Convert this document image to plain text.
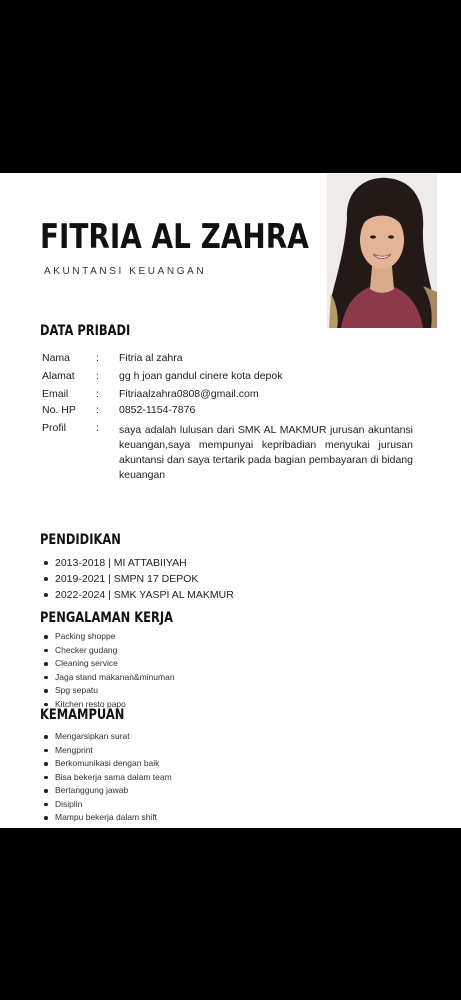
FITRIA AL ZAHRA
AKUNTANSI KEUANGAN
DATA PRIBADI
Nama	: Fitria al zahra
Alamat	: gg h joan gandul cinere kota depok
Email	: Fitriaalzahra0808@gmail.com
No. HP	: 0852-1154-7876
Profil	: saya adalah lulusan dari SMK AL MAKMUR jurusan akuntansi keuangan,saya mempunyai kepribadian menyukai jurusan akuntansi dan saya tertarik pada bagian pembayaran di bidang keuangan
PENDIDIKAN
2013-2018 | MI ATTABIIYAH
2019-2021 | SMPN 17 DEPOK
2022-2024 | SMK YASPI AL MAKMUR
PENGALAMAN KERJA
Packing shoppe
Checker gudang
Cleaning service
Jaga stand makanan&minuman
Spg sepatu
Kitchen resto papo
KEMAMPUAN
Mengarsipkan surat
Mengprint
Berkomunikasi dengan baik
Bisa bekerja sama dalam team
Bertanggung jawab
Disiplin
Mampu bekerja dalam shift
